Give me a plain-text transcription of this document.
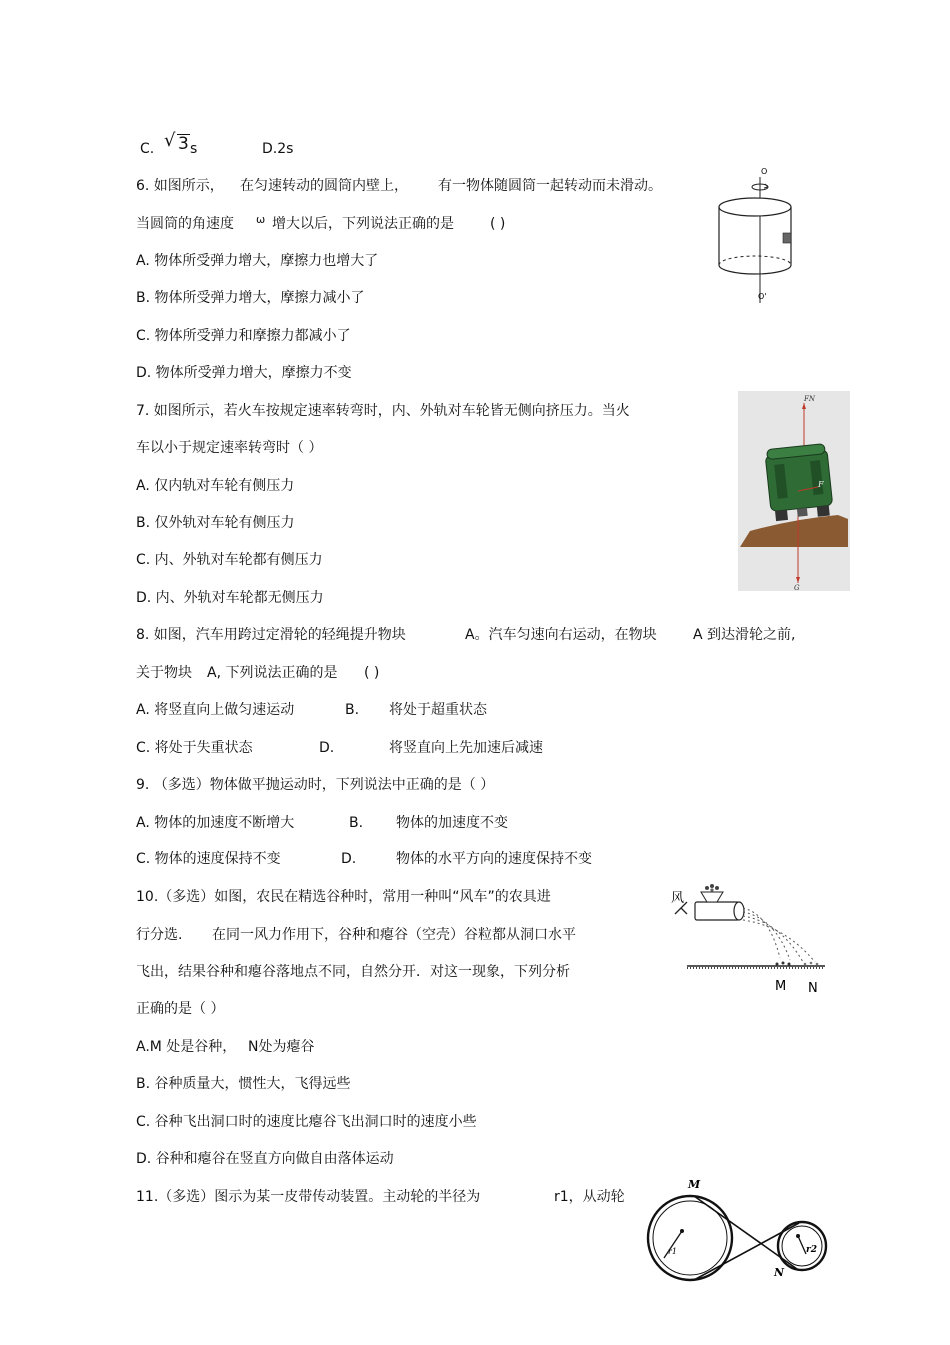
C. √ 3 s	D.2s
6. 如图所示， 在匀速转动的圆筒内壁上， 有一物体随圆筒一起转动而未滑动。
当圆筒的角速度 ω 增大以后，下列说法正确的是	( )
A. 物体所受弹力增大，摩擦力也增大了
B. 物体所受弹力增大，摩擦力减小了
C. 物体所受弹力和摩擦力都减小了
D. 物体所受弹力增大，摩擦力不变
O
O'
7. 如图所示，若火车按规定速率转弯时，内、外轨对车轮皆无侧向挤压力。当火
车以小于规定速率转弯时（ ）
A. 仅内轨对车轮有侧压力
B. 仅外轨对车轮有侧压力
C. 内、外轨对车轮都有侧压力
D. 内、外轨对车轮都无侧压力
FN
F
G
8. 如图，汽车用跨过定滑轮的轻绳提升物块	A。汽车匀速向右运动，在物块	A 到达滑轮之前,
关于物块 A, 下列说法正确的是 ( )
A. 将竖直向上做匀速运动	B. 将处于超重状态
C. 将处于失重状态	D.	将竖直向上先加速后减速
9. （多选）物体做平抛运动时，下列说法中正确的是（ ）
A. 物体的加速度不断增大	B. 物体的加速度不变
C. 物体的速度保持不变	D.	物体的水平方向的速度保持不变
10.（多选）如图，农民在精选谷种时，常用一种叫“风车”的农具进
行分选. 在同一风力作用下，谷种和瘪谷（空壳）谷粒都从洞口水平
飞出，结果谷种和瘪谷落地点不同，自然分开．对这一现象，下列分析
正确的是（ ）
A.M 处是谷种， N处为瘪谷
B. 谷种质量大，惯性大，飞得远些
C. 谷种飞出洞口时的速度比瘪谷飞出洞口时的速度小些
D. 谷种和瘪谷在竖直方向做自由落体运动
风
M N
11.（多选）图示为某一皮带传动装置。主动轮的半径为	r1，从动轮
M
N
r1	r2
